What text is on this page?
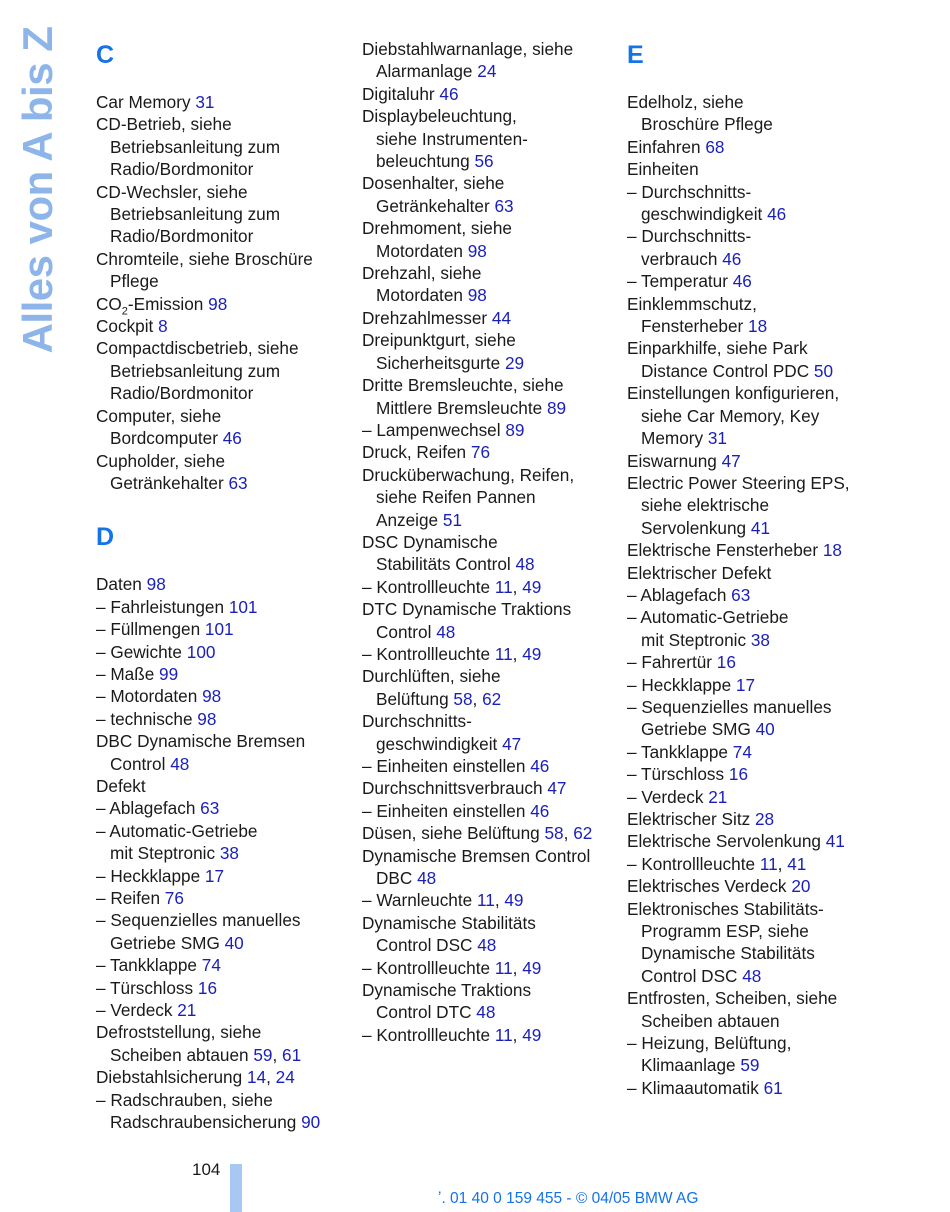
Alles von A bis Z C
Car Memory 31
CD-Betrieb, siehe
Betriebsanleitung zum
Radio/Bordmonitor
CD-Wechsler, siehe
Betriebsanleitung zum
Radio/Bordmonitor
Chromteile, siehe Broschüre
Pflege
$CO_2$-Emission 98
Cockpit 8
Compactdiscbetrieb, siehe
Betriebsanleitung zum
Radio/Bordmonitor
Computer, siehe
Bordcomputer 46
Cupholder, siehe
Getränkehalter 63
D
Daten 98
– Fahrleistungen 101
– Füllmengen 101
– Gewichte 100
– Maße 99
– Motordaten 98
– technische 98
DBC Dynamische Bremsen
Control 48
Defekt
– Ablagefach 63
– Automatic-Getriebe
mit Steptronic 38
– Heckklappe 17
– Reifen 76
– Sequenzielles manuelles
Getriebe SMG 40
– Tankklappe 74
– Türschloss 16
– Verdeck 21
Defroststellung, siehe
Scheiben abtauen 59, 61
Diebstahlsicherung 14, 24
– Radschrauben, siehe
Radschraubensicherung 90
Diebstahlwarnanlage, siehe
Alarmanlage 24
Digitaluhr 46
Displaybeleuchtung,
siehe Instrumenten-
beleuchtung 56
Dosenhalter, siehe
Getränkehalter 63
Drehmoment, siehe
Motordaten 98
Drehzahl, siehe
Motordaten 98
Drehzahlmesser 44
Dreipunktgurt, siehe
Sicherheitsgurte 29
Dritte Bremsleuchte, siehe
Mittlere Bremsleuchte 89
– Lampenwechsel 89
Druck, Reifen 76
Drucküberwachung, Reifen,
siehe Reifen Pannen
Anzeige 51
DSC Dynamische
Stabilitäts Control 48
– Kontrollleuchte 11, 49
DTC Dynamische Traktions
Control 48
– Kontrollleuchte 11, 49
Durchlüften, siehe
Belüftung 58, 62
Durchschnitts-
geschwindigkeit 47
– Einheiten einstellen 46
Durchschnittsverbrauch 47
– Einheiten einstellen 46
Düsen, siehe Belüftung 58, 62
Dynamische Bremsen Control
DBC 48
– Warnleuchte 11, 49
Dynamische Stabilitäts
Control DSC 48
– Kontrollleuchte 11, 49
Dynamische Traktions
Control DTC 48
– Kontrollleuchte 11, 49
E
Edelholz, siehe
Broschüre Pflege
Einfahren 68
Einheiten
– Durchschnitts-
geschwindigkeit 46
– Durchschnitts-
verbrauch 46
– Temperatur 46
Einklemmschutz,
Fensterheber 18
Einparkhilfe, siehe Park
Distance Control PDC 50
Einstellungen konfigurieren,
siehe Car Memory, Key
Memory 31
Eiswarnung 47
Electric Power Steering EPS,
siehe elektrische
Servolenkung 41
Elektrische Fensterheber 18
Elektrischer Defekt
– Ablagefach 63
– Automatic-Getriebe
mit Steptronic 38
– Fahrertür 16
– Heckklappe 17
– Sequenzielles manuelles
Getriebe SMG 40
– Tankklappe 74
– Türschloss 16
– Verdeck 21
Elektrischer Sitz 28
Elektrische Servolenkung 41
– Kontrollleuchte 11, 41
Elektrisches Verdeck 20
Elektronisches Stabilitäts-
Programm ESP, siehe
Dynamische Stabilitäts
Control DSC 48
Entfrosten, Scheiben, siehe
Scheiben abtauen
– Heizung, Belüftung,
Klimaanlage 59
– Klimaautomatik 61
104
ʼ. 01 40 0 159 455 - © 04/05 BMW AG
